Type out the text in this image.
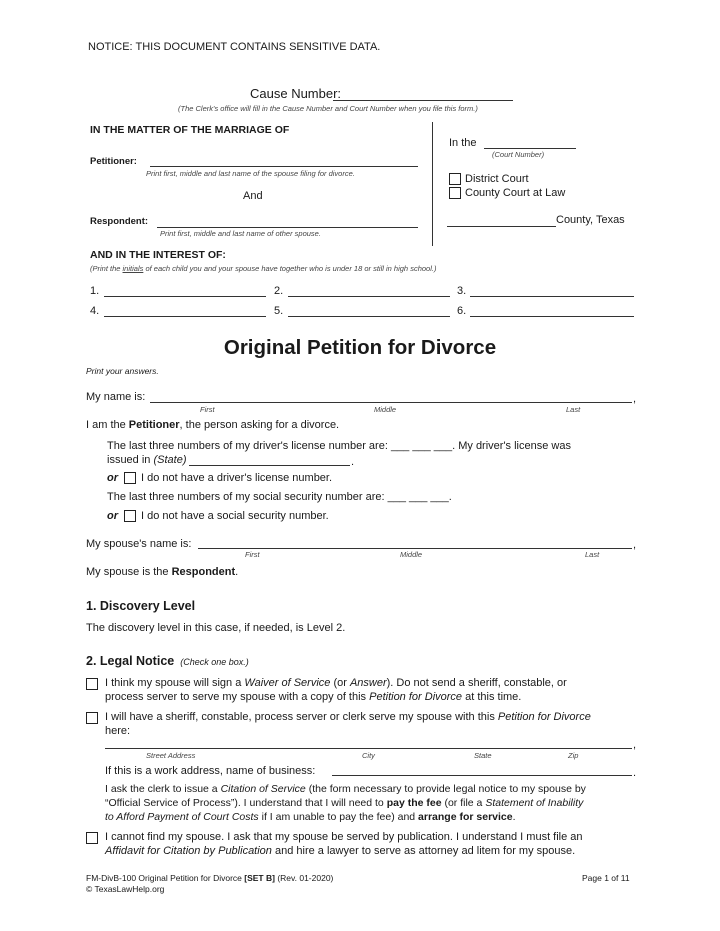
NOTICE: THIS DOCUMENT CONTAINS SENSITIVE DATA.
Cause Number:
(The Clerk's office will fill in the Cause Number and Court Number when you file this form.)
IN THE MATTER OF THE MARRIAGE OF
Petitioner:
Print first, middle and last name of the spouse filing for divorce.
And
Respondent:
Print first, middle and last name of other spouse.
In the
(Court Number)
District Court
County Court at Law
County, Texas
AND IN THE INTEREST OF:
(Print the initials of each child you and your spouse have together who is under 18 or still in high school.)
1.	2.	3.
4.	5.	6.
Original Petition for Divorce
Print your answers.
My name is:	,
First	Middle	Last
I am the Petitioner, the person asking for a divorce.
The last three numbers of my driver's license number are: ___ ___ ___. My driver's license was
issued in (State)	.
or I do not have a driver's license number.
The last three numbers of my social security number are: ___ ___ ___.
or I do not have a social security number.
My spouse's name is:	,
First	Middle	Last
My spouse is the Respondent.
1. Discovery Level
The discovery level in this case, if needed, is Level 2.
2. Legal Notice (Check one box.)
I think my spouse will sign a Waiver of Service (or Answer). Do not send a sheriff, constable, or
process server to serve my spouse with a copy of this Petition for Divorce at this time.
I will have a sheriff, constable, process server or clerk serve my spouse with this Petition for Divorce
here:
,
Street Address	City	State	Zip
If this is a work address, name of business:	.
I ask the clerk to issue a Citation of Service (the form necessary to provide legal notice to my spouse by
“Official Service of Process”). I understand that I will need to pay the fee (or file a Statement of Inability
to Afford Payment of Court Costs if I am unable to pay the fee) and arrange for service.
I cannot find my spouse. I ask that my spouse be served by publication. I understand I must file an
Affidavit for Citation by Publication and hire a lawyer to serve as attorney ad litem for my spouse.
FM-DivB-100 Original Petition for Divorce [SET B] (Rev. 01-2020)
© TexasLawHelp.org
Page 1 of 11
